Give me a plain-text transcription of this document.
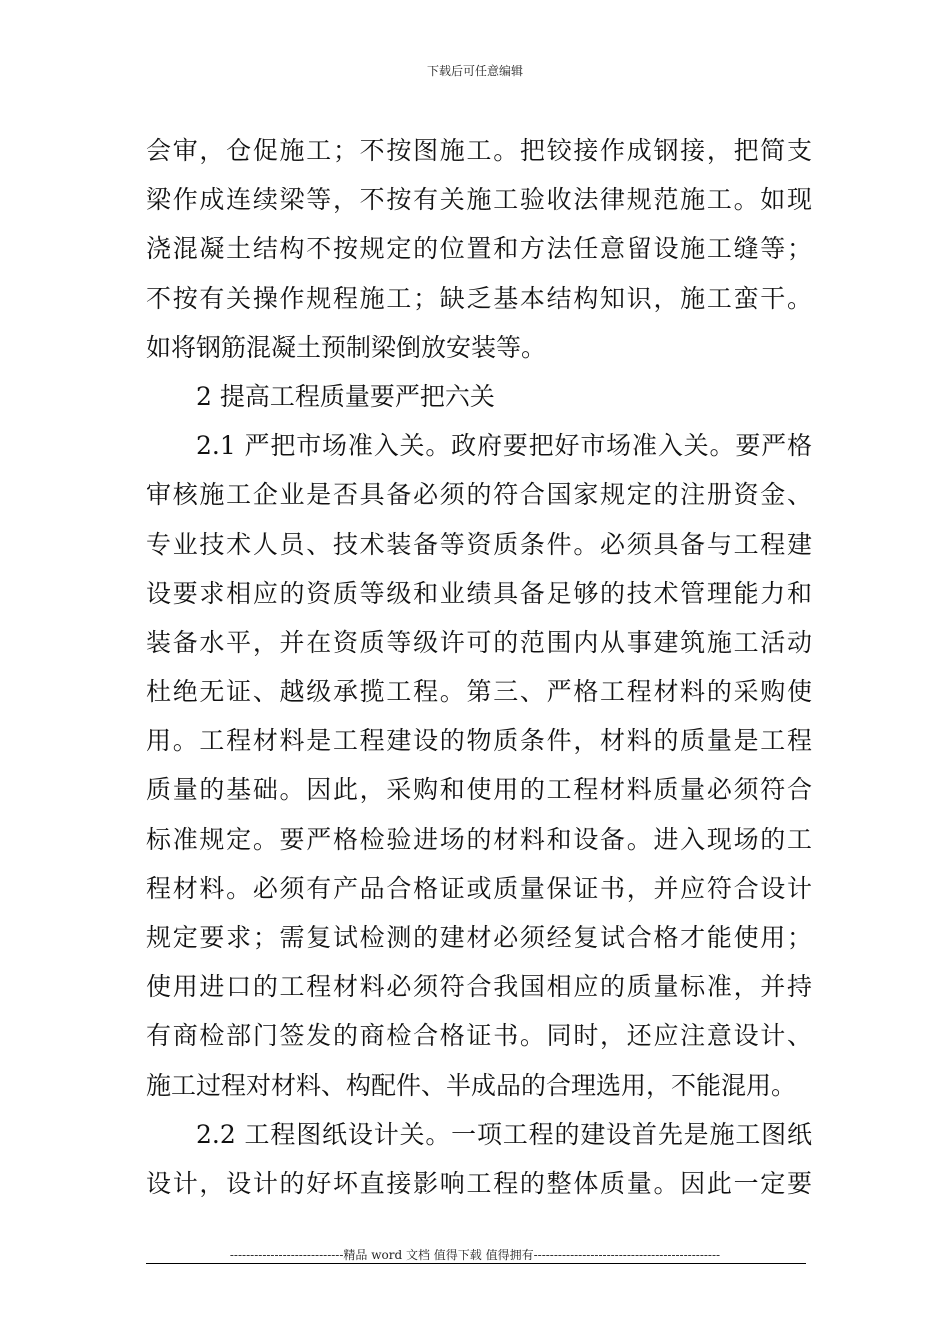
下载后可任意编辑
会审，仓促施工；不按图施工。把铰接作成钢接，把简支
梁作成连续梁等，不按有关施工验收法律规范施工。如现
浇混凝土结构不按规定的位置和方法任意留设施工缝等；
不按有关操作规程施工；缺乏基本结构知识，施工蛮干。
如将钢筋混凝土预制梁倒放安装等。
2 提高工程质量要严把六关
2.1 严把市场准入关。政府要把好市场准入关。要严格
审核施工企业是否具备必须的符合国家规定的注册资金、
专业技术人员、技术装备等资质条件。必须具备与工程建
设要求相应的资质等级和业绩具备足够的技术管理能力和
装备水平，并在资质等级许可的范围内从事建筑施工活动
杜绝无证、越级承揽工程。第三、严格工程材料的采购使
用。工程材料是工程建设的物质条件，材料的质量是工程
质量的基础。因此，采购和使用的工程材料质量必须符合
标准规定。要严格检验进场的材料和设备。进入现场的工
程材料。必须有产品合格证或质量保证书，并应符合设计
规定要求；需复试检测的建材必须经复试合格才能使用；
使用进口的工程材料必须符合我国相应的质量标准，并持
有商检部门签发的商检合格证书。同时，还应注意设计、
施工过程对材料、构配件、半成品的合理选用，不能混用。
2.2 工程图纸设计关。一项工程的建设首先是施工图纸
设计，设计的好坏直接影响工程的整体质量。因此一定要
----------------------------精品 word 文档 值得下载 值得拥有----------------------------------------------
